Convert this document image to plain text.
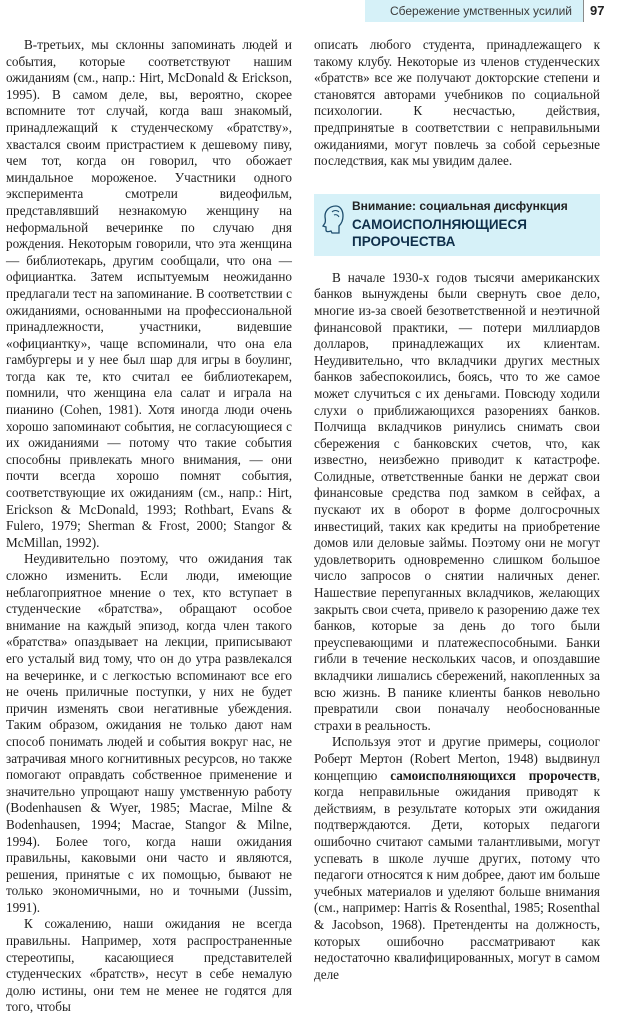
Сбережение умственных усилий 97

В-третьих, мы склонны запоминать людей и события, которые соответствуют нашим ожиданиям (см., напр.: Hirt, McDonald & Erickson, 1995). В самом деле, вы, вероятно, скорее вспомните тот случай, когда ваш знакомый, принадлежащий к студенческому «братству», хвастался своим пристрастием к дешевому пиву, чем тот, когда он говорил, что обожает миндальное мороженое. Участники одного эксперимента смотрели видеофильм, представлявший незнакомую женщину на неформальной вечеринке по случаю дня рождения. Некоторым говорили, что эта женщина — библиотекарь, другим сообщали, что она — официантка. Затем испытуемым неожиданно предлагали тест на запоминание. В соответствии с ожиданиями, основанными на профессиональной принадлежности, участники, видевшие «официантку», чаще вспоминали, что она ела гамбургеры и у нее был шар для игры в боулинг, тогда как те, кто считал ее библиотекарем, помнили, что женщина ела салат и играла на пианино (Cohen, 1981). Хотя иногда люди очень хорошо запоминают события, не согласующиеся с их ожиданиями — потому что такие события способны привлекать много внимания, — они почти всегда хорошо помнят события, соответствующие их ожиданиям (см., напр.: Hirt, Erickson & McDonald, 1993; Rothbart, Evans & Fulero, 1979; Sherman & Frost, 2000; Stangor & McMillan, 1992).

Неудивительно поэтому, что ожидания так сложно изменить. Если люди, имеющие неблагоприятное мнение о тех, кто вступает в студенческие «братства», обращают особое внимание на каждый эпизод, когда член такого «братства» опаздывает на лекции, приписывают его усталый вид тому, что он до утра развлекался на вечеринке, и с легкостью вспоминают все его не очень приличные поступки, у них не будет причин изменять свои негативные убеждения. Таким образом, ожидания не только дают нам способ понимать людей и события вокруг нас, не затрачивая много когнитивных ресурсов, но также помогают оправдать собственное применение и значительно упрощают нашу умственную работу (Bodenhausen & Wyer, 1985; Macrae, Milne & Bodenhausen, 1994; Macrae, Stangor & Milne, 1994). Более того, когда наши ожидания правильны, каковыми они часто и являются, решения, принятые с их помощью, бывают не только экономичными, но и точными (Jussim, 1991).

К сожалению, наши ожидания не всегда правильны. Например, хотя распространенные стереотипы, касающиеся представителей студенческих «братств», несут в себе немалую долю истины, они тем не менее не годятся для того, чтобы

описать любого студента, принадлежащего к такому клубу. Некоторые из членов студенческих «братств» все же получают докторские степени и становятся авторами учебников по социальной психологии. К несчастью, действия, предпринятые в соответствии с неправильными ожиданиями, могут повлечь за собой серьезные последствия, как мы увидим далее.

Внимание: социальная дисфункция
САМОИСПОЛНЯЮЩИЕСЯ ПРОРОЧЕСТВА

В начале 1930-х годов тысячи американских банков вынуждены были свернуть свое дело, многие из-за своей безответственной и неэтичной финансовой практики, — потери миллиардов долларов, принадлежащих их клиентам. Неудивительно, что вкладчики других местных банков забеспокоились, боясь, что то же самое может случиться с их деньгами. Повсюду ходили слухи о приближающихся разорениях банков. Полчища вкладчиков ринулись снимать свои сбережения с банковских счетов, что, как известно, неизбежно приводит к катастрофе. Солидные, ответственные банки не держат свои финансовые средства под замком в сейфах, а пускают их в оборот в форме долгосрочных инвестиций, таких как кредиты на приобретение домов или деловые займы. Поэтому они не могут удовлетворить одновременно слишком большое число запросов о снятии наличных денег. Нашествие перепуганных вкладчиков, желающих закрыть свои счета, привело к разорению даже тех банков, которые за день до того были преуспевающими и платежеспособными. Банки гибли в течение нескольких часов, и опоздавшие вкладчики лишались сбережений, накопленных за всю жизнь. В панике клиенты банков невольно превратили свои поначалу необоснованные страхи в реальность.

Используя этот и другие примеры, социолог Роберт Мертон (Robert Merton, 1948) выдвинул концепцию самоисполняющихся пророчеств, когда неправильные ожидания приводят к действиям, в результате которых эти ожидания подтверждаются. Дети, которых педагоги ошибочно считают самыми талантливыми, могут успевать в школе лучше других, потому что педагоги относятся к ним добрее, дают им больше учебных материалов и уделяют больше внимания (см., например: Harris & Rosenthal, 1985; Rosenthal & Jacobson, 1968). Претенденты на должность, которых ошибочно рассматривают как недостаточно квалифицированных, могут в самом деле
